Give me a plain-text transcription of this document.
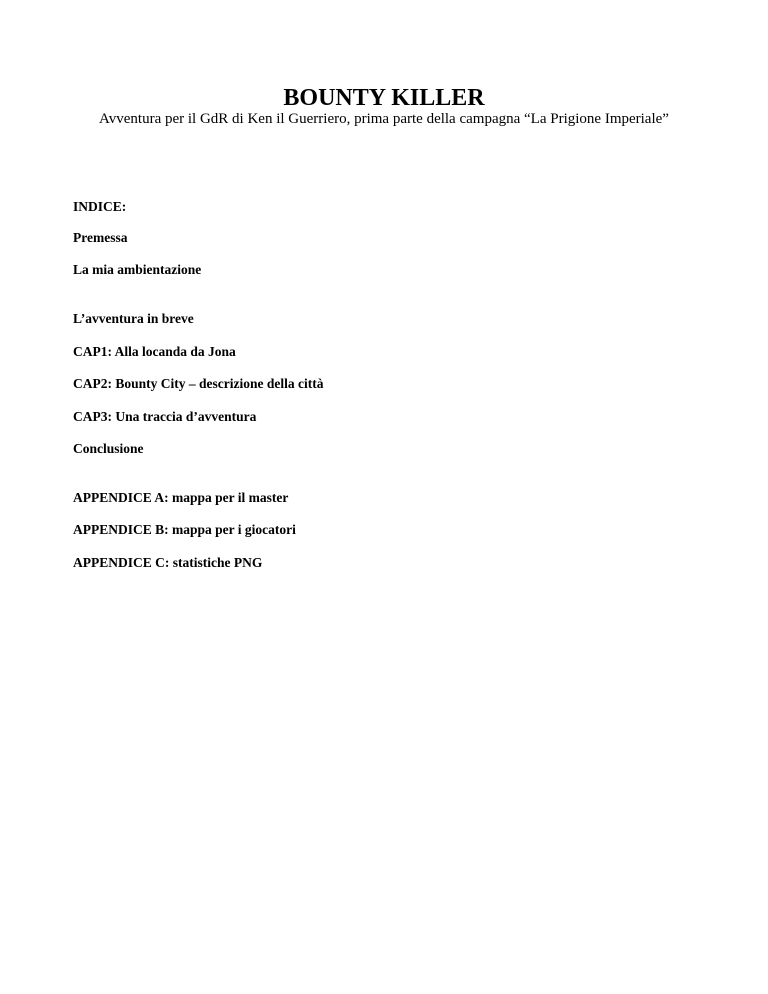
BOUNTY KILLER

Avventura per il GdR di Ken il Guerriero, prima parte della campagna “La Prigione Imperiale”

INDICE:

Premessa

La mia ambientazione

L’avventura in breve

CAP1: Alla locanda da Jona

CAP2: Bounty City – descrizione della città

CAP3: Una traccia d’avventura

Conclusione

APPENDICE A: mappa per il master

APPENDICE B: mappa per i giocatori

APPENDICE C: statistiche PNG
